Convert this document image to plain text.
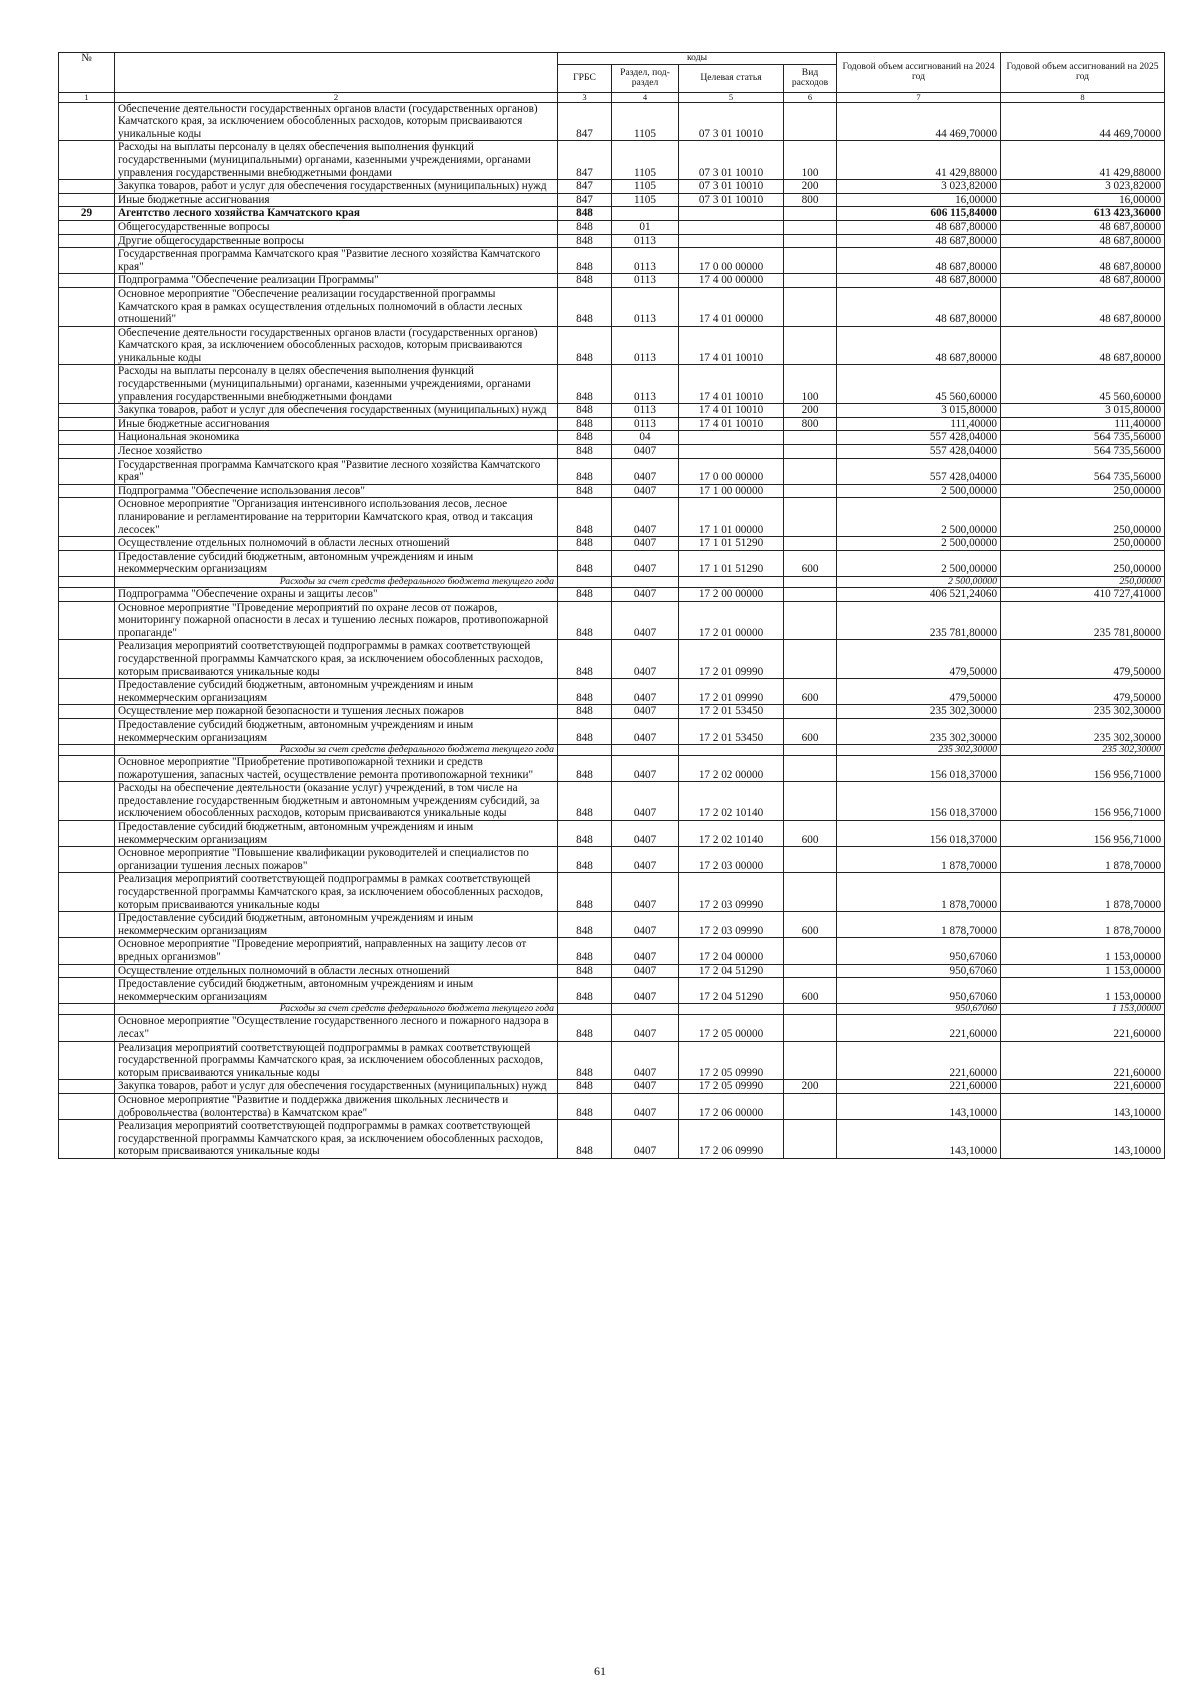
№		коды				Годовой объем ассигнований на 2024 год	Годовой объем ассигнований на 2025 год
		ГРБС	Раздел, под-раздел	Целевая статья	Вид расходов		
1	2	3	4	5	6	7	8
	Обеспечение деятельности государственных органов власти (государственных органов) Камчатского края, за исключением обособленных расходов, которым присваиваются уникальные коды	847	1105	07 3 01 10010		44 469,70000	44 469,70000
	Расходы на выплаты персоналу в целях обеспечения выполнения функций государственными (муниципальными) органами, казенными учреждениями, органами управления государственными внебюджетными фондами	847	1105	07 3 01 10010	100	41 429,88000	41 429,88000
	Закупка товаров, работ и услуг для обеспечения государственных (муниципальных) нужд	847	1105	07 3 01 10010	200	3 023,82000	3 023,82000
	Иные бюджетные ассигнования	847	1105	07 3 01 10010	800	16,00000	16,00000
29	Агентство лесного хозяйства Камчатского края	848				606 115,84000	613 423,36000
	Общегосударственные вопросы	848	01			48 687,80000	48 687,80000
	Другие общегосударственные вопросы	848	0113			48 687,80000	48 687,80000
	Государственная программа Камчатского края "Развитие лесного хозяйства Камчатского края"	848	0113	17 0 00 00000		48 687,80000	48 687,80000
	Подпрограмма "Обеспечение реализации Программы"	848	0113	17 4 00 00000		48 687,80000	48 687,80000
	Основное мероприятие "Обеспечение реализации государственной программы Камчатского края в рамках осуществления отдельных полномочий в области лесных отношений"	848	0113	17 4 01 00000		48 687,80000	48 687,80000
	Обеспечение деятельности государственных органов власти (государственных органов) Камчатского края, за исключением обособленных расходов, которым присваиваются уникальные коды	848	0113	17 4 01 10010		48 687,80000	48 687,80000
	Расходы на выплаты персоналу в целях обеспечения выполнения функций государственными (муниципальными) органами, казенными учреждениями, органами управления государственными внебюджетными фондами	848	0113	17 4 01 10010	100	45 560,60000	45 560,60000
	Закупка товаров, работ и услуг для обеспечения государственных (муниципальных) нужд	848	0113	17 4 01 10010	200	3 015,80000	3 015,80000
	Иные бюджетные ассигнования	848	0113	17 4 01 10010	800	111,40000	111,40000
	Национальная экономика	848	04			557 428,04000	564 735,56000
	Лесное хозяйство	848	0407			557 428,04000	564 735,56000
	Государственная программа Камчатского края "Развитие лесного хозяйства Камчатского края"	848	0407	17 0 00 00000		557 428,04000	564 735,56000
	Подпрограмма "Обеспечение использования лесов"	848	0407	17 1 00 00000		2 500,00000	250,00000
	Основное мероприятие "Организация интенсивного использования лесов, лесное планирование и регламентирование на территории Камчатского края, отвод и таксация лесосек"	848	0407	17 1 01 00000		2 500,00000	250,00000
	Осуществление отдельных полномочий в области лесных отношений	848	0407	17 1 01 51290		2 500,00000	250,00000
	Предоставление субсидий бюджетным, автономным учреждениям и иным некоммерческим организациям	848	0407	17 1 01 51290	600	2 500,00000	250,00000
	Расходы за счет средств федерального бюджета текущего года					2 500,00000	250,00000
	Подпрограмма "Обеспечение охраны и защиты лесов"	848	0407	17 2 00 00000		406 521,24060	410 727,41000
	Основное мероприятие "Проведение мероприятий по охране лесов от пожаров, мониторингу пожарной опасности в лесах и тушению лесных пожаров, противопожарной пропаганде"	848	0407	17 2 01 00000		235 781,80000	235 781,80000
	Реализация мероприятий соответствующей подпрограммы в рамках соответствующей государственной программы Камчатского края, за исключением обособленных расходов, которым присваиваются уникальные коды	848	0407	17 2 01 09990		479,50000	479,50000
	Предоставление субсидий бюджетным, автономным учреждениям и иным некоммерческим организациям	848	0407	17 2 01 09990	600	479,50000	479,50000
	Осуществление мер пожарной безопасности и тушения лесных пожаров	848	0407	17 2 01 53450		235 302,30000	235 302,30000
	Предоставление субсидий бюджетным, автономным учреждениям и иным некоммерческим организациям	848	0407	17 2 01 53450	600	235 302,30000	235 302,30000
	Расходы за счет средств федерального бюджета текущего года					235 302,30000	235 302,30000
	Основное мероприятие "Приобретение противопожарной техники и средств пожаротушения, запасных частей, осуществление ремонта противопожарной техники"	848	0407	17 2 02 00000		156 018,37000	156 956,71000
	Расходы на обеспечение деятельности (оказание услуг) учреждений, в том числе на предоставление государственным бюджетным и автономным учреждениям субсидий, за исключением обособленных расходов, которым присваиваются уникальные коды	848	0407	17 2 02 10140		156 018,37000	156 956,71000
	Предоставление субсидий бюджетным, автономным учреждениям и иным некоммерческим организациям	848	0407	17 2 02 10140	600	156 018,37000	156 956,71000
	Основное мероприятие "Повышение квалификации руководителей и специалистов по организации тушения лесных пожаров"	848	0407	17 2 03 00000		1 878,70000	1 878,70000
	Реализация мероприятий соответствующей подпрограммы в рамках соответствующей государственной программы Камчатского края, за исключением обособленных расходов, которым присваиваются уникальные коды	848	0407	17 2 03 09990		1 878,70000	1 878,70000
	Предоставление субсидий бюджетным, автономным учреждениям и иным некоммерческим организациям	848	0407	17 2 03 09990	600	1 878,70000	1 878,70000
	Основное мероприятие "Проведение мероприятий, направленных на защиту лесов от вредных организмов"	848	0407	17 2 04 00000		950,67060	1 153,00000
	Осуществление отдельных полномочий в области лесных отношений	848	0407	17 2 04 51290		950,67060	1 153,00000
	Предоставление субсидий бюджетным, автономным учреждениям и иным некоммерческим организациям	848	0407	17 2 04 51290	600	950,67060	1 153,00000
	Расходы за счет средств федерального бюджета текущего года					950,67060	1 153,00000
	Основное мероприятие "Осуществление государственного лесного и пожарного надзора в лесах"	848	0407	17 2 05 00000		221,60000	221,60000
	Реализация мероприятий соответствующей подпрограммы в рамках соответствующей государственной программы Камчатского края, за исключением обособленных расходов, которым присваиваются уникальные коды	848	0407	17 2 05 09990		221,60000	221,60000
	Закупка товаров, работ и услуг для обеспечения государственных (муниципальных) нужд	848	0407	17 2 05 09990	200	221,60000	221,60000
	Основное мероприятие "Развитие и поддержка движения школьных лесничеств и добровольчества (волонтерства) в Камчатском крае"	848	0407	17 2 06 00000		143,10000	143,10000
	Реализация мероприятий соответствующей подпрограммы в рамках соответствующей государственной программы Камчатского края, за исключением обособленных расходов, которым присваиваются уникальные коды	848	0407	17 2 06 09990		143,10000	143,10000
61
